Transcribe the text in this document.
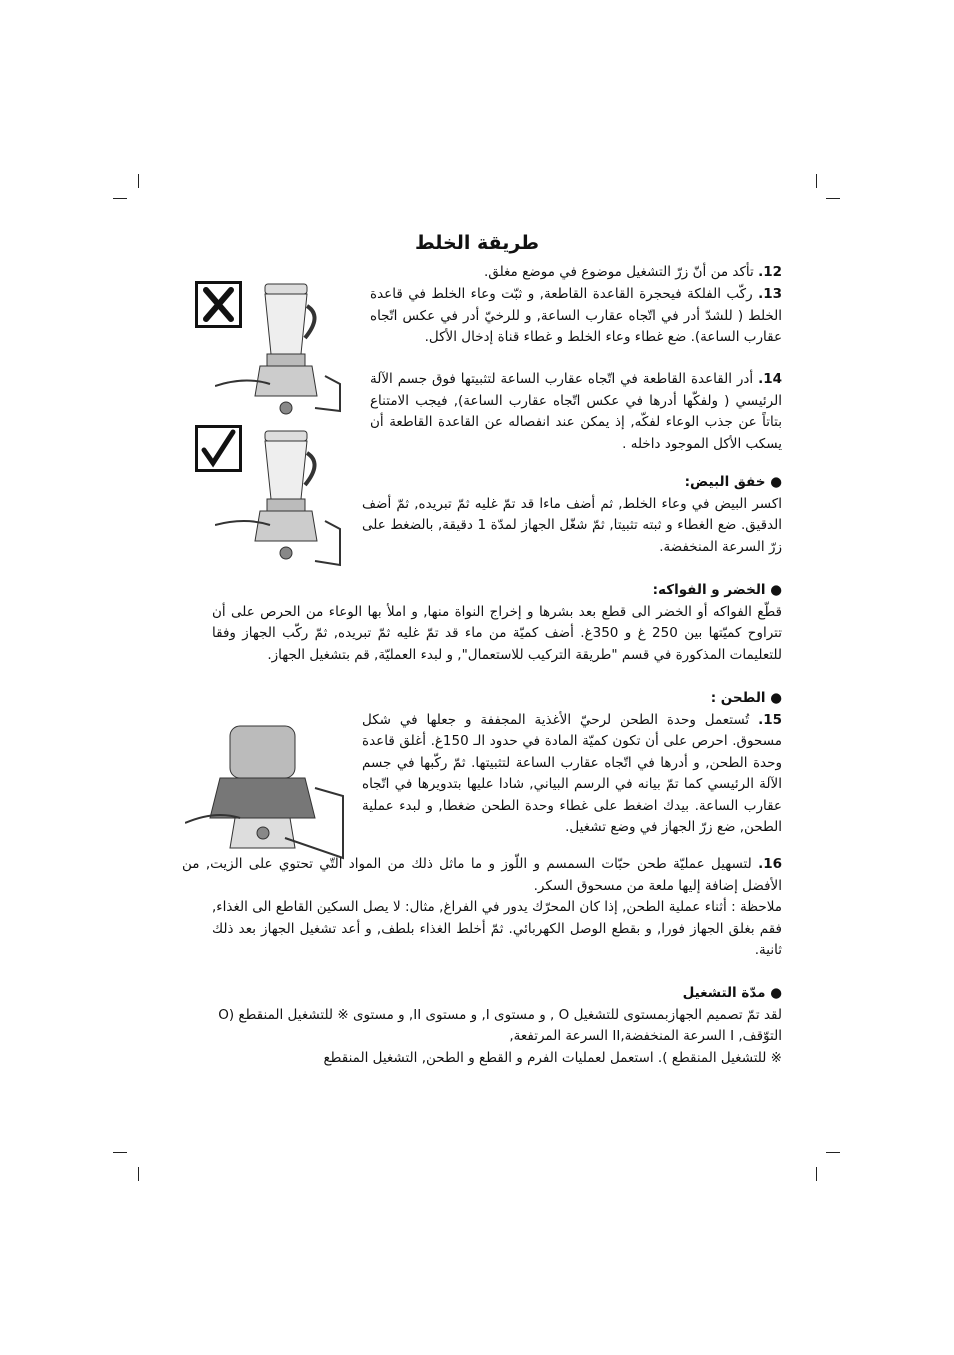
طريقة الخلط
12. تأكد من أنّ زرّ التشغيل موضوع في موضع مغلق.
13. ركّب الفلكة فيحجرة القاعدة القاطعة, و ثبّت وعاء الخلط في قاعدة الخلط ( للشدّ أدر في اتّجاه عقارب الساعة, و للرخيّ أدر في عكس اتّجاه عقارب الساعة). ضع غطاء وعاء الخلط و غطاء قناة إدخال الأكل.
14. أدر القاعدة القاطعة في اتّجاه عقارب الساعة لتثبيتها فوق جسم الآلة الرئيسي ( ولفكّها أدرها في عكس اتّجاه عقارب الساعة), فيجب الامتناع بتاتاً عن جذب الوعاء لفكّه, إذ يمكن عند انفصاله عن القاعدة القاطعة أن يسكب الأكل الموجود داخله .
● خفق البيض:
اكسر البيض في وعاء الخلط, ثم أضف ماءا قد تمّ غليه ثمّ تبريده, ثمّ أضف الدقيق. ضع الغطاء و ثبته تثبيتا, ثمّ شغّل الجهاز لمدّة 1 دقيقة, بالضغط على زرّ السرعة المنخفضة.
● الخضر و الفواكه:
قطّع الفواكه أو الخضر الى قطع بعد بشرها و إخراج النواة منها, و املأ بها الوعاء من الحرص على أن تتراوح كميّتها بين 250 غ و 350غ. أضف كميّة من ماء قد تمّ غليه ثمّ تبريده, ثمّ ركّب الجهاز وفقا للتعليمات المذكورة في قسم "طريقة التركيب للاستعمال", و لبدء العمليّة, قم بتشغيل الجهاز.
● الطحن :
15. تُستعمل وحدة الطحن لرحيّ الأغذية المجففة و جعلها في شكل مسحوق. احرص على أن تكون كميّة المادة في حدود الـ 150غ. أغلق قاعدة وحدة الطحن, و أدرها في اتّجاه عقارب الساعة لتثبيتها. ثمّ ركّبها في جسم الآلة الرئيسي كما تمّ بيانه في الرسم البياني, شادا عليها بتدويرها في اتّجاه عقارب الساعة. بيدك اضغط على غطاء وحدة الطحن ضغطا, و لبدء عملية الطحن, ضع زرّ الجهاز في وضع تشغيل.
16. لتسهيل عمليّة طحن حبّات السمسم و اللّوز و ما ماثل ذلك من المواد التّي تحتوي على الزيت, من الأفضل إضافة إليها ملعة من مسحوق السكر.
ملاحظة : أثناء عملية الطحن, إذا كان المحرّك يدور في الفراغ, مثال: لا يصل السكين القاطع الى الغذاء, فقم بغلق الجهاز فورا, و بقطع الوصل الكهربائي. ثمّ أخلط الغذاء بلطف, و أعد تشغيل الجهاز بعد ذلك ثانية.
● مدّة التشغيل
لقد تمّ تصميم الجهازبمستوى للتشغيل O , و مستوى I, و مستوى II, و مستوى ※ للتشغيل المنقطع (O
التوّقف, I السرعة المنخفضة,II السرعة المرتفعة,
※ للتشغيل المنقطع ). استعمل لعمليات الفرم و القطع و الطحن, التشغيل المنقطع
